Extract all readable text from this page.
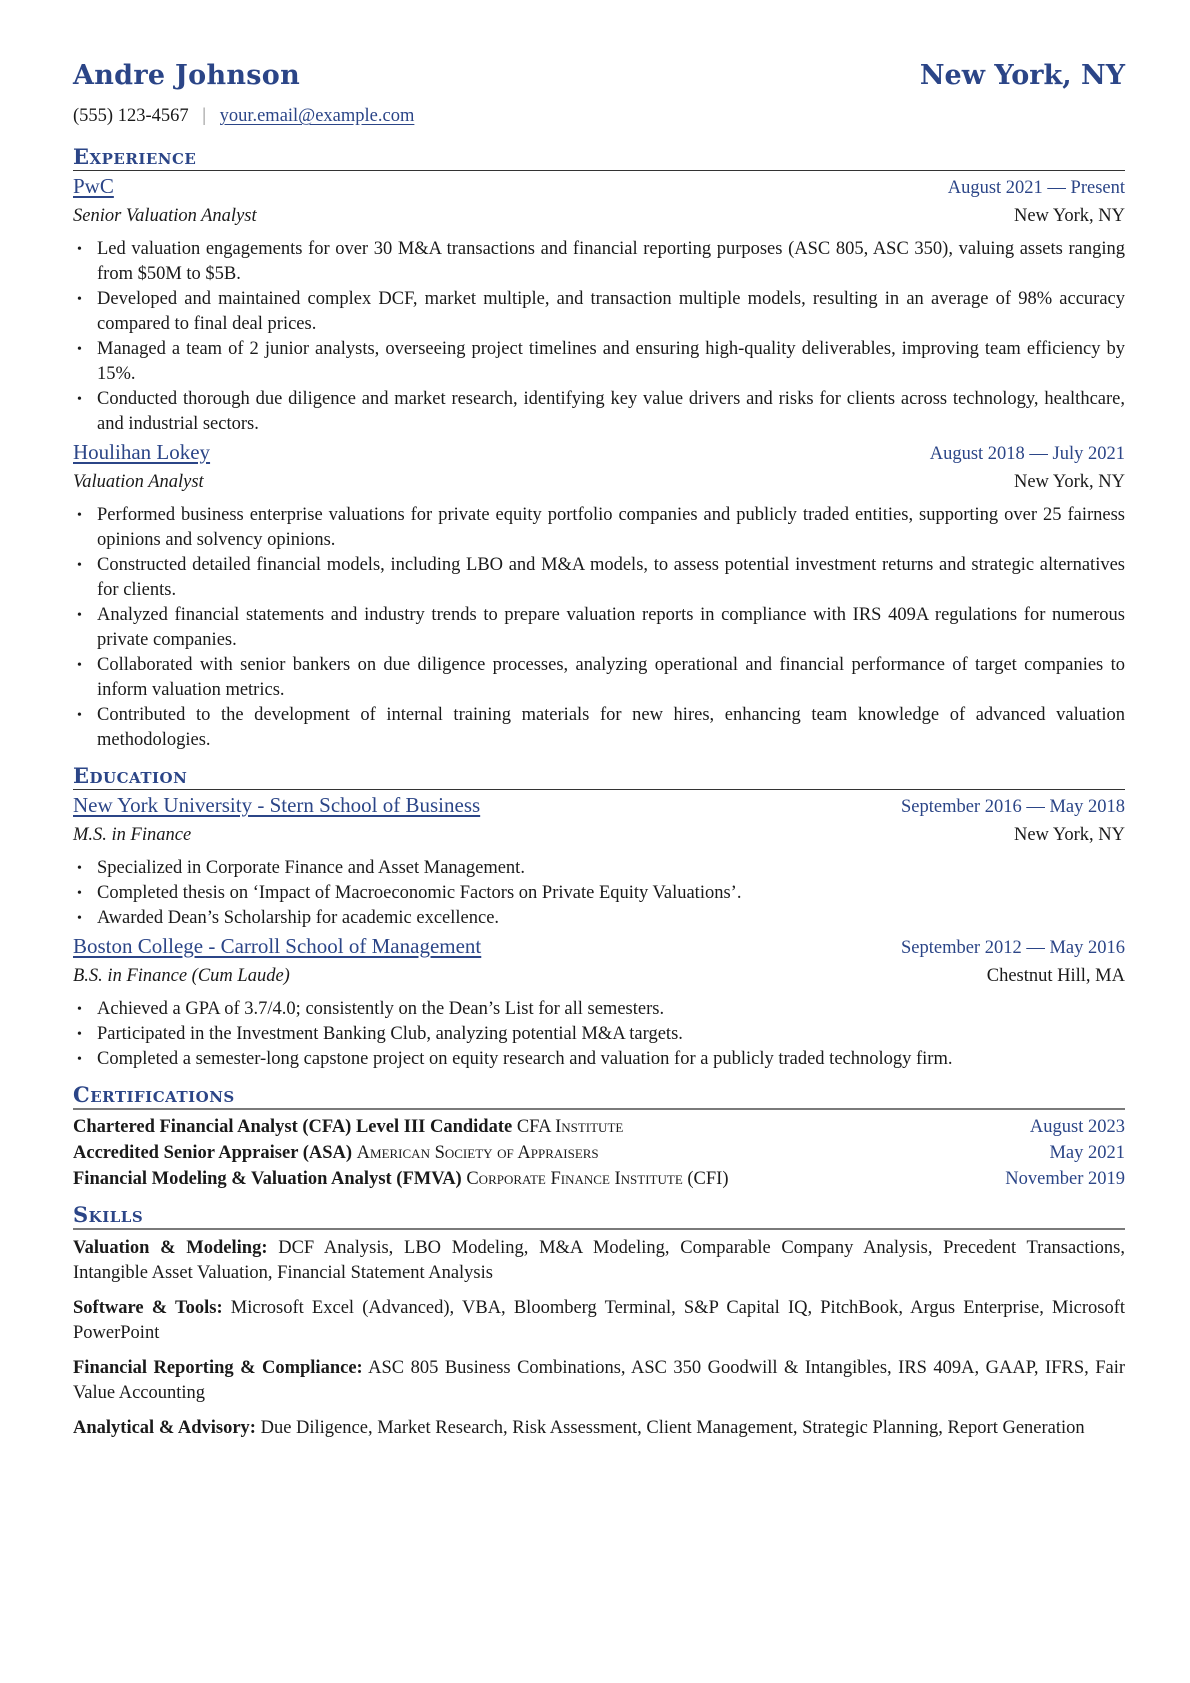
Andre Johnson	New York, NY
(555) 123-4567 | your.email@example.com
Experience
PwC	August 2021 — Present
Senior Valuation Analyst	New York, NY
• Led valuation engagements for over 30 M&A transactions and financial reporting purposes (ASC 805, ASC 350), valuing assets ranging from $50M to $5B.
• Developed and maintained complex DCF, market multiple, and transaction multiple models, resulting in an average of 98% accuracy compared to final deal prices.
• Managed a team of 2 junior analysts, overseeing project timelines and ensuring high-quality deliverables, improving team efficiency by 15%.
• Conducted thorough due diligence and market research, identifying key value drivers and risks for clients across technology, healthcare, and industrial sectors.
Houlihan Lokey	August 2018 — July 2021
Valuation Analyst	New York, NY
• Performed business enterprise valuations for private equity portfolio companies and publicly traded entities, supporting over 25 fairness opinions and solvency opinions.
• Constructed detailed financial models, including LBO and M&A models, to assess potential investment returns and strategic alternatives for clients.
• Analyzed financial statements and industry trends to prepare valuation reports in compliance with IRS 409A regulations for numerous private companies.
• Collaborated with senior bankers on due diligence processes, analyzing operational and financial performance of target companies to inform valuation metrics.
• Contributed to the development of internal training materials for new hires, enhancing team knowledge of advanced valuation methodologies.
Education
New York University - Stern School of Business	September 2016 — May 2018
M.S. in Finance	New York, NY
• Specialized in Corporate Finance and Asset Management.
• Completed thesis on ‘Impact of Macroeconomic Factors on Private Equity Valuations’.
• Awarded Dean’s Scholarship for academic excellence.
Boston College - Carroll School of Management	September 2012 — May 2016
B.S. in Finance (Cum Laude)	Chestnut Hill, MA
• Achieved a GPA of 3.7/4.0; consistently on the Dean’s List for all semesters.
• Participated in the Investment Banking Club, analyzing potential M&A targets.
• Completed a semester-long capstone project on equity research and valuation for a publicly traded technology firm.
Certifications
Chartered Financial Analyst (CFA) Level III Candidate CFA Institute	August 2023
Accredited Senior Appraiser (ASA) American Society of Appraisers	May 2021
Financial Modeling & Valuation Analyst (FMVA) Corporate Finance Institute (CFI)	November 2019
Skills
Valuation & Modeling: DCF Analysis, LBO Modeling, M&A Modeling, Comparable Company Analysis, Precedent Transactions, Intangible Asset Valuation, Financial Statement Analysis
Software & Tools: Microsoft Excel (Advanced), VBA, Bloomberg Terminal, S&P Capital IQ, PitchBook, Argus Enterprise, Microsoft PowerPoint
Financial Reporting & Compliance: ASC 805 Business Combinations, ASC 350 Goodwill & Intangibles, IRS 409A, GAAP, IFRS, Fair Value Accounting
Analytical & Advisory: Due Diligence, Market Research, Risk Assessment, Client Management, Strategic Planning, Report Generation
